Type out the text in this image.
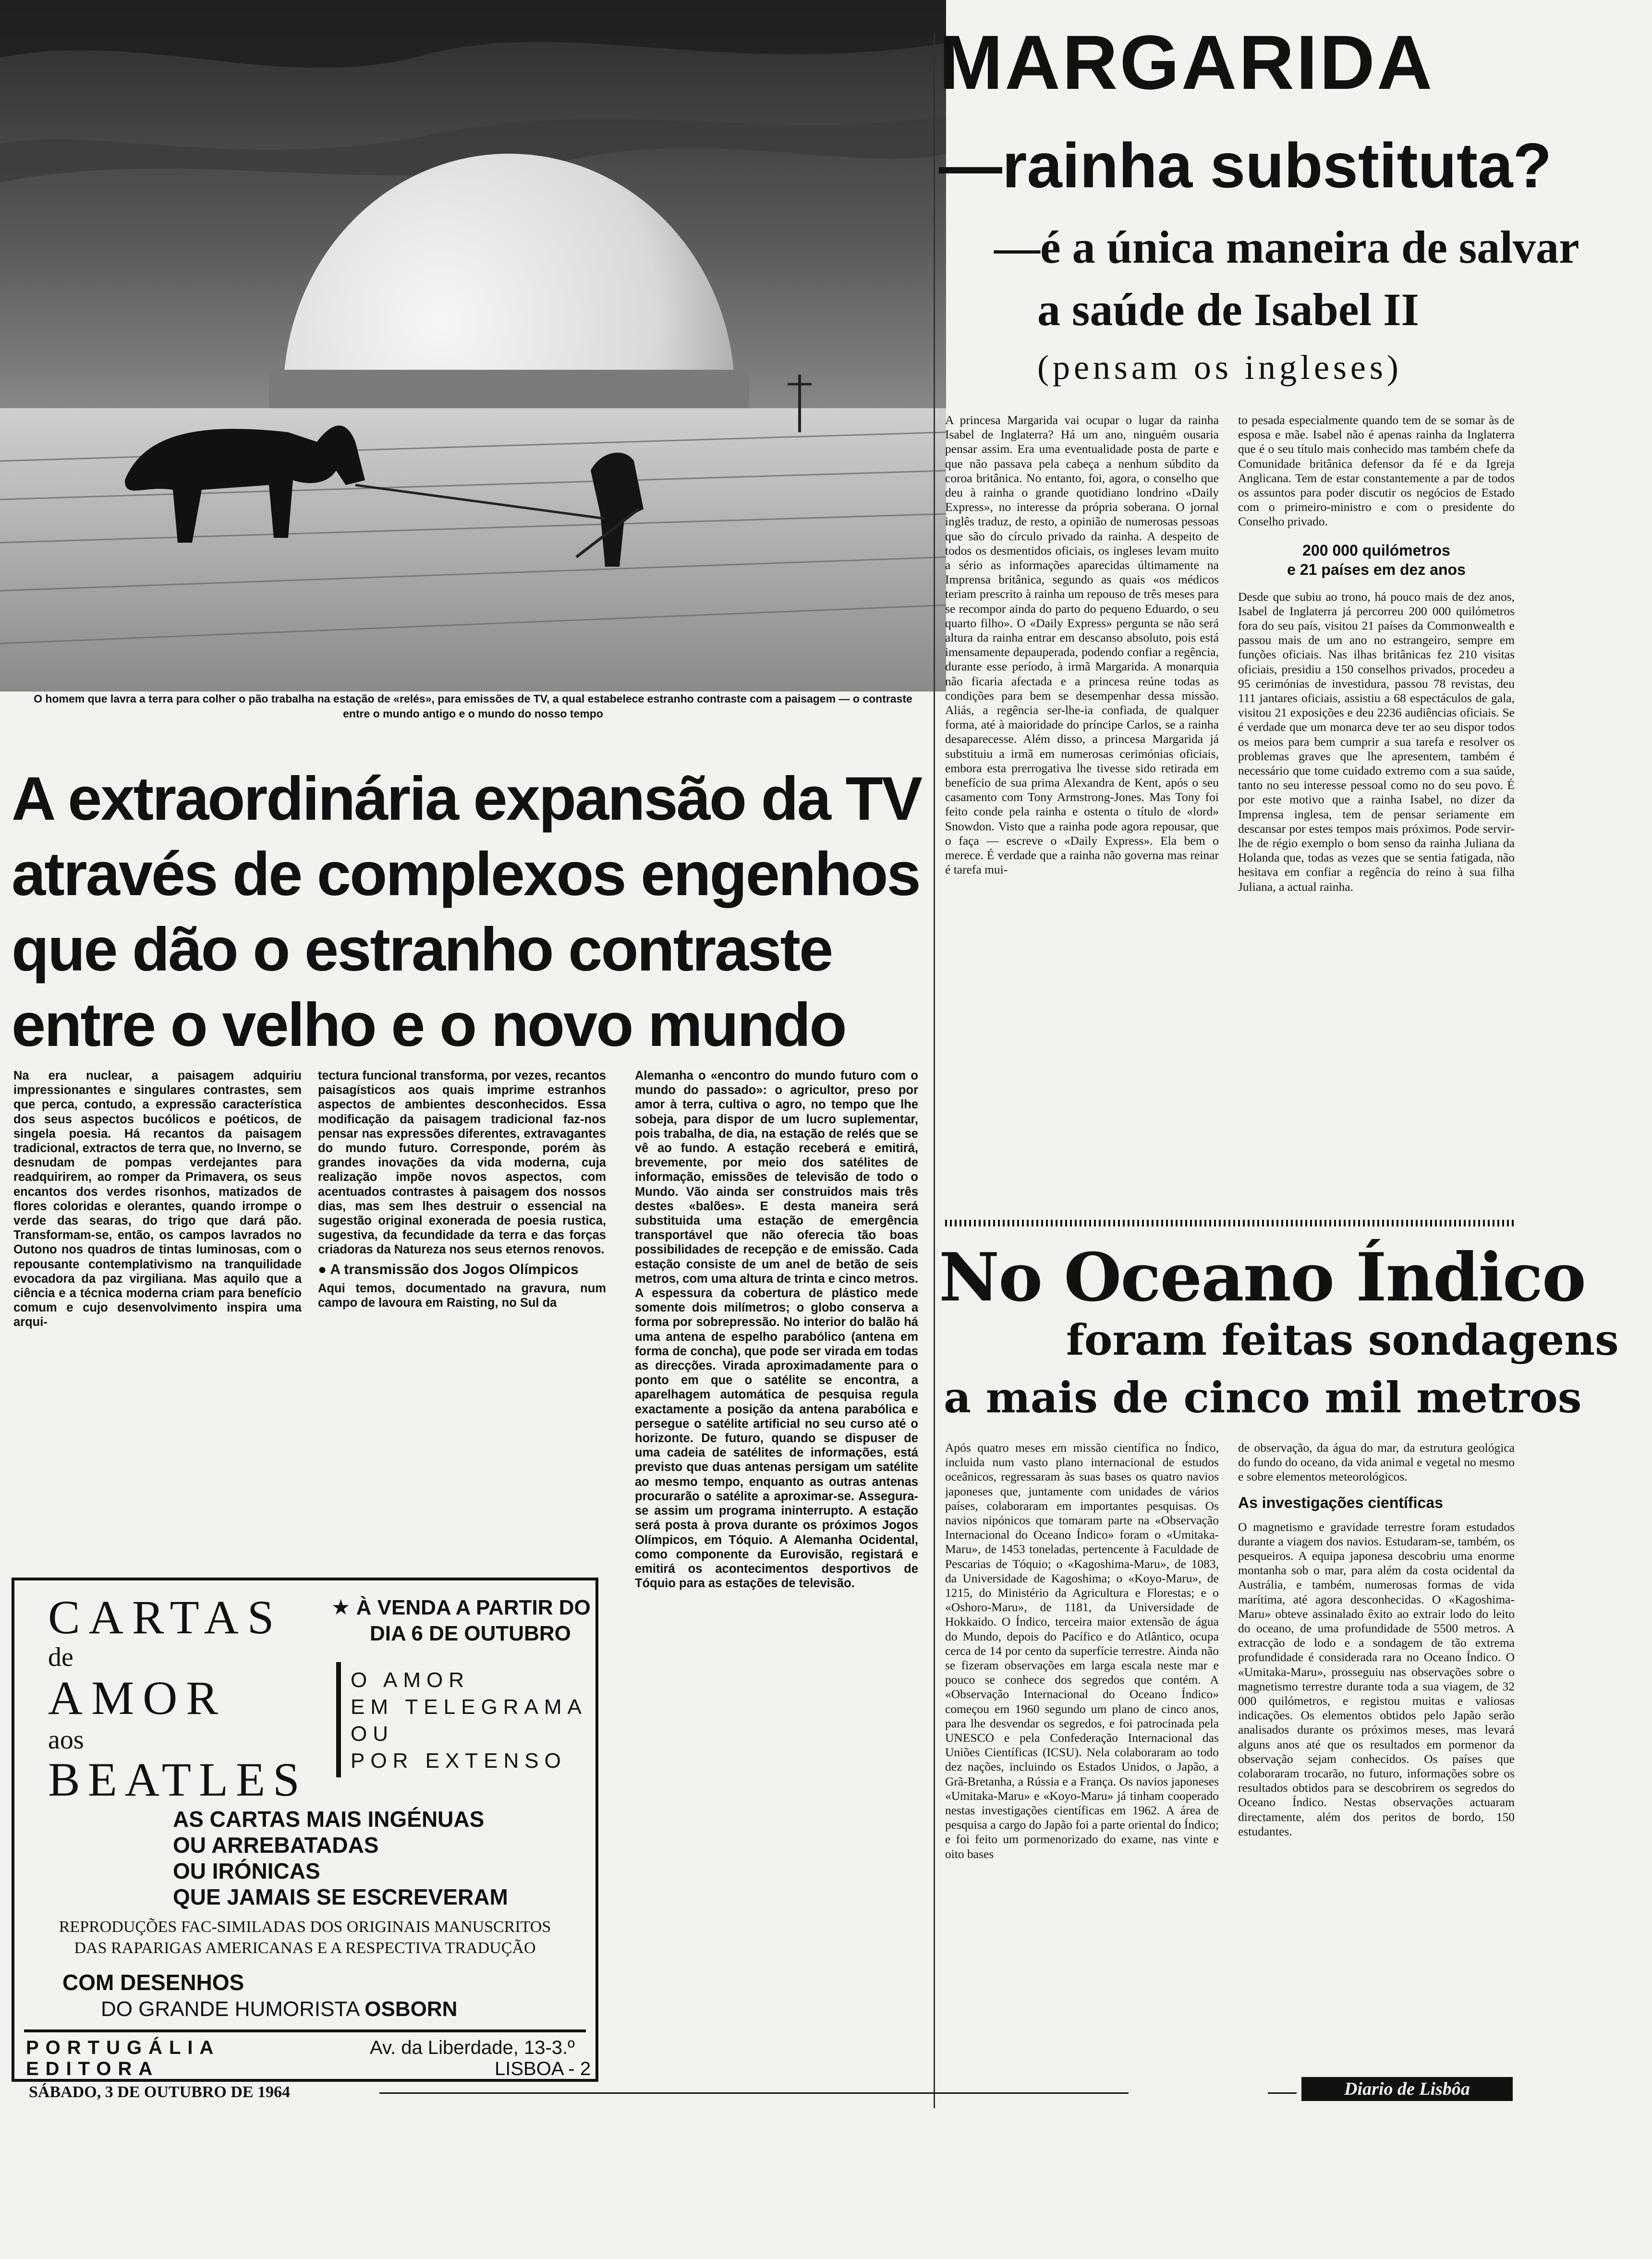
O homem que lavra a terra para colher o pão trabalha na estação de «relés», para emissões de TV, a qual estabelece estranho contraste com a paisagem — o contraste entre o mundo antigo e o mundo do nosso tempo
A extraordinária expansão da TV através de complexos engenhos que dão o estranho contraste entre o velho e o novo mundo
Na era nuclear, a paisagem adquiriu impressionantes e singulares contrastes, sem que perca, contudo, a expressão característica dos seus aspectos bucólicos e poéticos, de singela poesia. Há recantos da paisagem tradicional, extractos de terra que, no Inverno, se desnudam de pompas verdejantes para readquirirem, ao romper da Primavera, os seus encantos dos verdes risonhos, matizados de flores coloridas e olerantes, quando irrompe o verde das searas, do trigo que dará pão. Transformam-se, então, os campos lavrados no Outono nos quadros de tintas luminosas, com o repousante contemplativismo na tranquilidade evocadora da paz virgiliana. Mas aquilo que a ciência e a técnica moderna criam para benefício comum e cujo desenvolvimento inspira uma arqui-
tectura funcional transforma, por vezes, recantos paisagísticos aos quais imprime estranhos aspectos de ambientes desconhecidos. Essa modificação da paisagem tradicional faz-nos pensar nas expressões diferentes, extravagantes do mundo futuro. Corresponde, porém às grandes inovações da vida moderna, cuja realização impõe novos aspectos, com acentuados contrastes à paisagem dos nossos dias, mas sem lhes destruir o essencial na sugestão original exonerada de poesia rustica, sugestiva, da fecundidade da terra e das forças criadoras da Natureza nos seus eternos renovos.
● A transmissão dos Jogos Olímpicos
Aqui temos, documentado na gravura, num campo de lavoura em Raisting, no Sul da
Alemanha o «encontro do mundo futuro com o mundo do passado»: o agricultor, preso por amor à terra, cultiva o agro, no tempo que lhe sobeja, para dispor de um lucro suplementar, pois trabalha, de dia, na estação de relés que se vê ao fundo. A estação receberá e emitirá, brevemente, por meio dos satélites de informação, emissões de televisão de todo o Mundo. Vão ainda ser construidos mais três destes «balões». E desta maneira será substituida uma estação de emergência transportável que não oferecia tão boas possibilidades de recepção e de emissão. Cada estação consiste de um anel de betão de seis metros, com uma altura de trinta e cinco metros. A espessura da cobertura de plástico mede somente dois milímetros; o globo conserva a forma por sobrepressão. No interior do balão há uma antena de espelho parabólico (antena em forma de concha), que pode ser virada em todas as direcções. Virada aproximadamente para o ponto em que o satélite se encontra, a aparelhagem automática de pesquisa regula exactamente a posição da antena parabólica e persegue o satélite artificial no seu curso até o horizonte. De futuro, quando se dispuser de uma cadeia de satélites de informações, está previsto que duas antenas persigam um satélite ao mesmo tempo, enquanto as outras antenas procurarão o satélite a aproximar-se. Assegura-se assim um programa ininterrupto. A estação será posta à prova durante os próximos Jogos Olímpicos, em Tóquio. A Alemanha Ocidental, como componente da Eurovisão, registará e emitirá os acontecimentos desportivos de Tóquio para as estações de televisão.
CARTAS
de
AMOR
aos
BEATLES
★ À VENDA A PARTIR DO
DIA 6 DE OUTUBRO
O AMOR
EM TELEGRAMA
OU
POR EXTENSO
AS CARTAS MAIS INGÉNUAS
OU ARREBATADAS
OU IRÓNICAS
QUE JAMAIS SE ESCREVERAM
REPRODUÇÕES FAC-SIMILADAS DOS ORIGINAIS MANUSCRITOS
DAS RAPARIGAS AMERICANAS E A RESPECTIVA TRADUÇÃO
COM DESENHOS
DO GRANDE HUMORISTA OSBORN
PORTUGÁLIA
EDITORA
Av. da Liberdade, 13-3.º
LISBOA - 2
MARGARIDA
—rainha substituta?
—é a única maneira de salvar
a saúde de Isabel II
(pensam os ingleses)
A princesa Margarida vai ocupar o lugar da rainha Isabel de Inglaterra? Há um ano, ninguém ousaria pensar assim. Era uma eventualidade posta de parte e que não passava pela cabeça a nenhum súbdito da coroa britânica. No entanto, foi, agora, o conselho que deu à rainha o grande quotidiano londrino «Daily Express», no interesse da própria soberana. O jornal inglês traduz, de resto, a opinião de numerosas pessoas que são do círculo privado da rainha. A despeito de todos os desmentidos oficiais, os ingleses levam muito a sério as informações aparecidas últimamente na Imprensa britânica, segundo as quais «os médicos teriam prescrito à rainha um repouso de três meses para se recompor ainda do parto do pequeno Eduardo, o seu quarto filho». O «Daily Express» pergunta se não será altura da rainha entrar em descanso absoluto, pois está imensamente depauperada, podendo confiar a regência, durante esse período, à irmã Margarida. A monarquia não ficaria afectada e a princesa reúne todas as condições para bem se desempenhar dessa missão. Aliás, a regência ser-lhe-ia confiada, de qualquer forma, até à maioridade do príncipe Carlos, se a rainha desaparecesse. Além disso, a princesa Margarida já substituiu a irmã em numerosas cerimónias oficiais, embora esta prerrogativa lhe tivesse sido retirada em benefício de sua prima Alexandra de Kent, após o seu casamento com Tony Armstrong-Jones. Mas Tony foi feito conde pela rainha e ostenta o título de «lord» Snowdon. Visto que a rainha pode agora repousar, que o faça — escreve o «Daily Express». Ela bem o merece. É verdade que a rainha não governa mas reinar é tarefa mui-
to pesada especialmente quando tem de se somar às de esposa e mãe. Isabel não é apenas rainha da Inglaterra que é o seu título mais conhecido mas também chefe da Comunidade britânica defensor da fé e da Igreja Anglicana. Tem de estar constantemente a par de todos os assuntos para poder discutir os negócios de Estado com o primeiro-ministro e com o presidente do Conselho privado.
200 000 quilómetros
e 21 países em dez anos
Desde que subiu ao trono, há pouco mais de dez anos, Isabel de Inglaterra já percorreu 200 000 quilómetros fora do seu país, visitou 21 países da Commonwealth e passou mais de um ano no estrangeiro, sempre em funções oficiais. Nas ilhas britânicas fez 210 visitas oficiais, presidiu a 150 conselhos privados, procedeu a 95 cerimónias de investidura, passou 78 revistas, deu 111 jantares oficiais, assistiu a 68 espectáculos de gala, visitou 21 exposições e deu 2236 audiências oficiais. Se é verdade que um monarca deve ter ao seu dispor todos os meios para bem cumprir a sua tarefa e resolver os problemas graves que lhe apresentem, também é necessário que tome cuidado extremo com a sua saúde, tanto no seu interesse pessoal como no do seu povo. É por este motivo que a rainha Isabel, no dizer da Imprensa inglesa, tem de pensar seriamente em descansar por estes tempos mais próximos. Pode servir-lhe de régio exemplo o bom senso da rainha Juliana da Holanda que, todas as vezes que se sentia fatigada, não hesitava em confiar a regência do reino à sua filha Juliana, a actual rainha.
No Oceano Índico
foram feitas sondagens
a mais de cinco mil metros
Após quatro meses em missão científica no Índico, incluida num vasto plano internacional de estudos oceânicos, regressaram às suas bases os quatro navios japoneses que, juntamente com unidades de vários países, colaboraram em importantes pesquisas. Os navios nipónicos que tomaram parte na «Observação Internacional do Oceano Índico» foram o «Umitaka-Maru», de 1453 toneladas, pertencente à Faculdade de Pescarias de Tóquio; o «Kagoshima-Maru», de 1083, da Universidade de Kagoshima; o «Koyo-Maru», de 1215, do Ministério da Agricultura e Florestas; e o «Oshoro-Maru», de 1181, da Universidade de Hokkaido. O Índico, terceira maior extensão de água do Mundo, depois do Pacífico e do Atlântico, ocupa cerca de 14 por cento da superfície terrestre. Ainda não se fizeram observações em larga escala neste mar e pouco se conhece dos segredos que contém. A «Observação Internacional do Oceano Índico» começou em 1960 segundo um plano de cinco anos, para lhe desvendar os segredos, e foi patrocinada pela UNESCO e pela Confederação Internacional das Uniões Científicas (ICSU). Nela colaboraram ao todo dez nações, incluindo os Estados Unidos, o Japão, a Grã-Bretanha, a Rússia e a França. Os navios japoneses «Umitaka-Maru» e «Koyo-Maru» já tinham cooperado nestas investigações científicas em 1962. A área de pesquisa a cargo do Japão foi a parte oriental do Índico; e foi feito um pormenorizado do exame, nas vinte e oito bases
de observação, da água do mar, da estrutura geológica do fundo do oceano, da vida animal e vegetal no mesmo e sobre elementos meteorológicos.
As investigações científicas
O magnetismo e gravidade terrestre foram estudados durante a viagem dos navios. Estudaram-se, também, os pesqueiros. A equipa japonesa descobriu uma enorme montanha sob o mar, para além da costa ocidental da Austrália, e também, numerosas formas de vida marítima, até agora desconhecidas. O «Kagoshima-Maru» obteve assinalado êxito ao extrair lodo do leito do oceano, de uma profundidade de 5500 metros. A extracção de lodo e a sondagem de tão extrema profundidade é considerada rara no Oceano Índico. O «Umitaka-Maru», prosseguiu nas observações sobre o magnetismo terrestre durante toda a sua viagem, de 32 000 quilómetros, e registou muitas e valiosas indicações. Os elementos obtidos pelo Japão serão analisados durante os próximos meses, mas levará alguns anos até que os resultados em pormenor da observação sejam conhecidos. Os países que colaboraram trocarão, no futuro, informações sobre os resultados obtidos para se descobrirem os segredos do Oceano Índico. Nestas observações actuaram directamente, além dos peritos de bordo, 150 estudantes.
SÁBADO, 3 DE OUTUBRO DE 1964	Diario de Lisbôa
